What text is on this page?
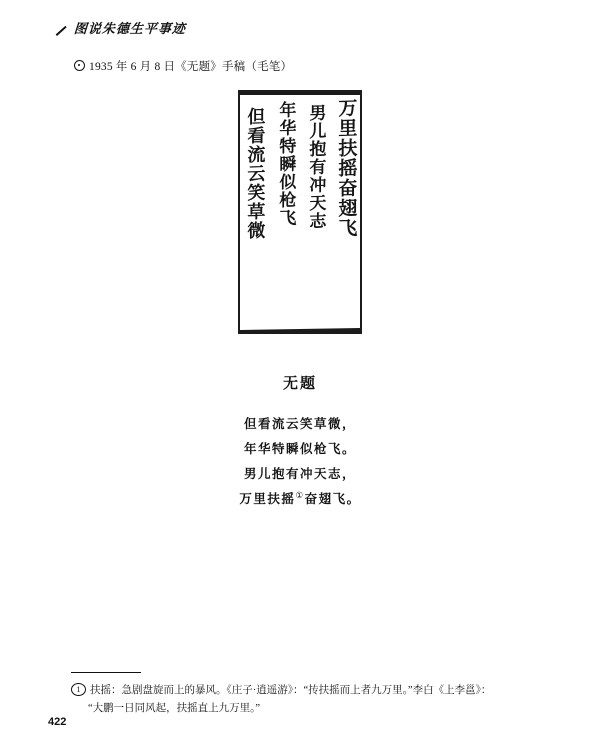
图说朱德生平事迹
1935 年 6 月 8 日《无题》手稿（毛笔）
万里扶摇奋翅飞
男儿抱有冲天志
年华特瞬似枪飞
但看流云笑草微
无题
但看流云笑草微，
年华特瞬似枪飞。
男儿抱有冲天志，
万里扶摇①奋翅飞。
1 扶摇：急剧盘旋而上的暴风。《庄子·逍遥游》：“抟扶摇而上者九万里。”李白《上李邕》：
“大鹏一日同风起，扶摇直上九万里。”
422
